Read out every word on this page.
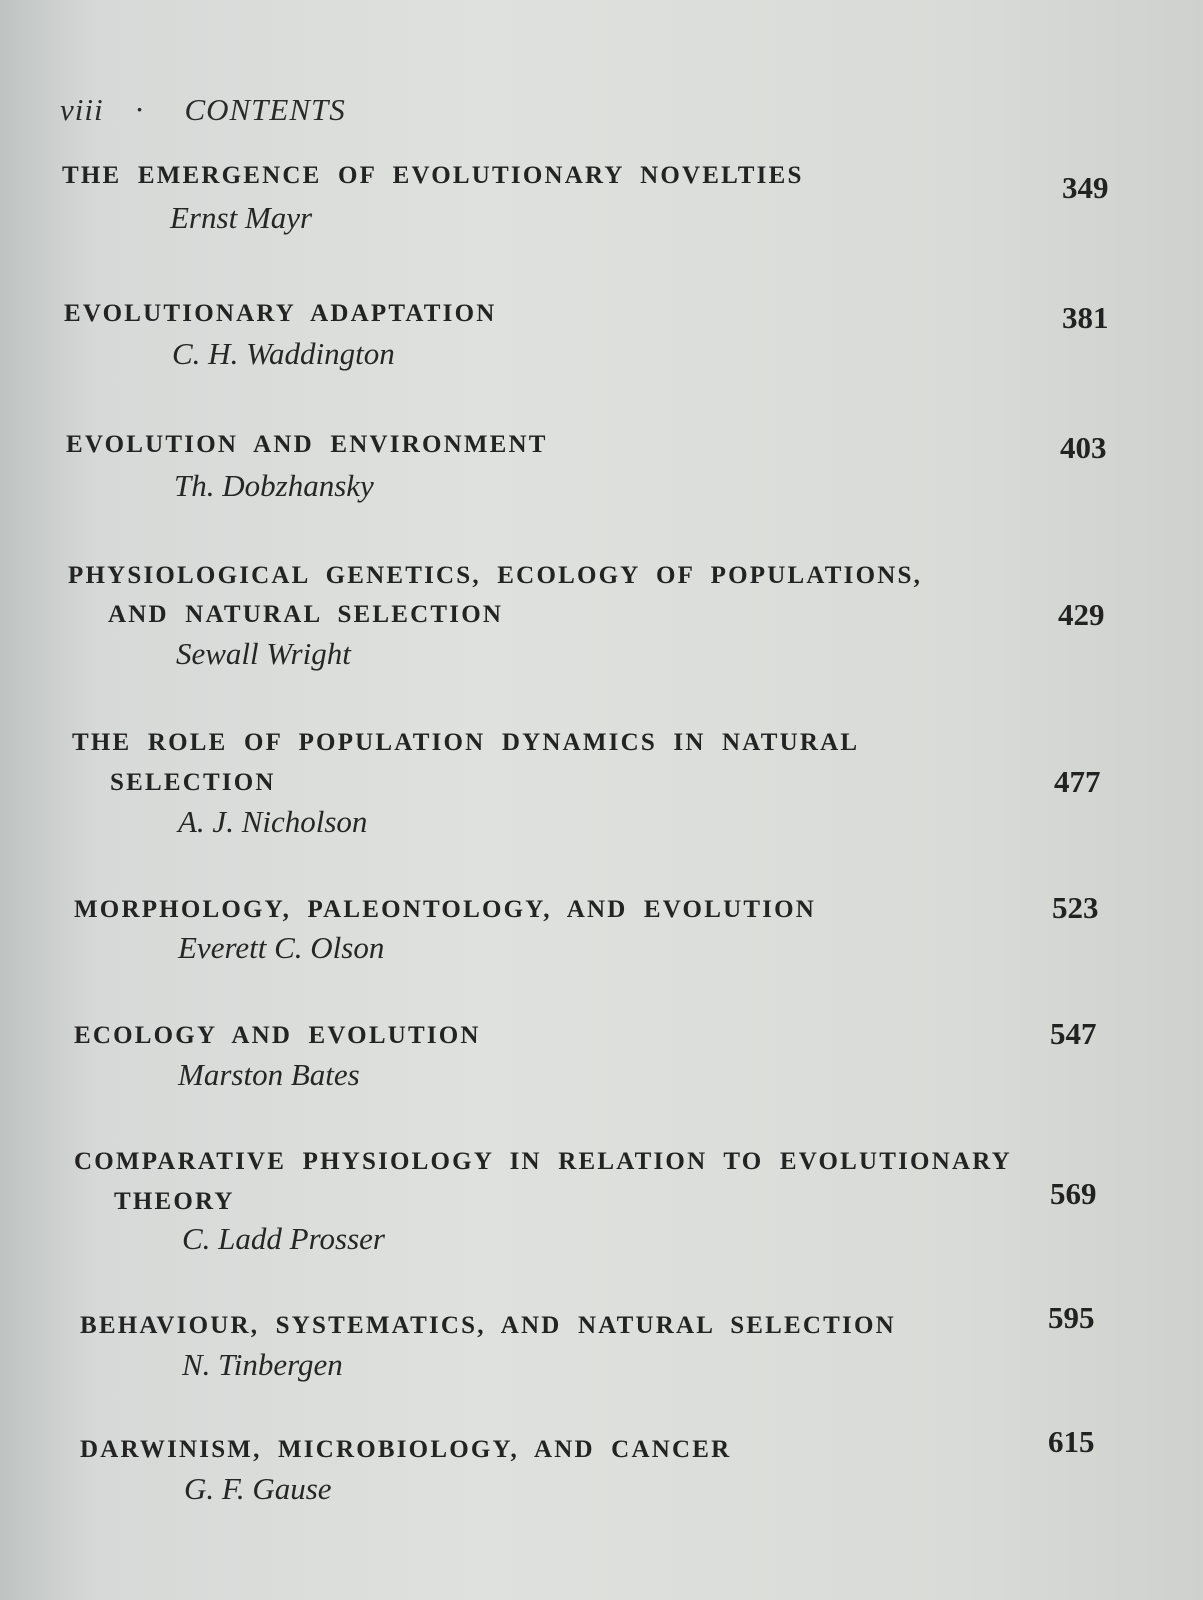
viii · CONTENTS
THE EMERGENCE OF EVOLUTIONARY NOVELTIES
Ernst Mayr
349
EVOLUTIONARY ADAPTATION
C. H. Waddington
381
EVOLUTION AND ENVIRONMENT
Th. Dobzhansky
403
PHYSIOLOGICAL GENETICS, ECOLOGY OF POPULATIONS,
AND NATURAL SELECTION
Sewall Wright
429
THE ROLE OF POPULATION DYNAMICS IN NATURAL
SELECTION
A. J. Nicholson
477
MORPHOLOGY, PALEONTOLOGY, AND EVOLUTION
Everett C. Olson
523
ECOLOGY AND EVOLUTION
Marston Bates
547
COMPARATIVE PHYSIOLOGY IN RELATION TO EVOLUTIONARY
THEORY
C. Ladd Prosser
569
BEHAVIOUR, SYSTEMATICS, AND NATURAL SELECTION
N. Tinbergen
595
DARWINISM, MICROBIOLOGY, AND CANCER
G. F. Gause
615
